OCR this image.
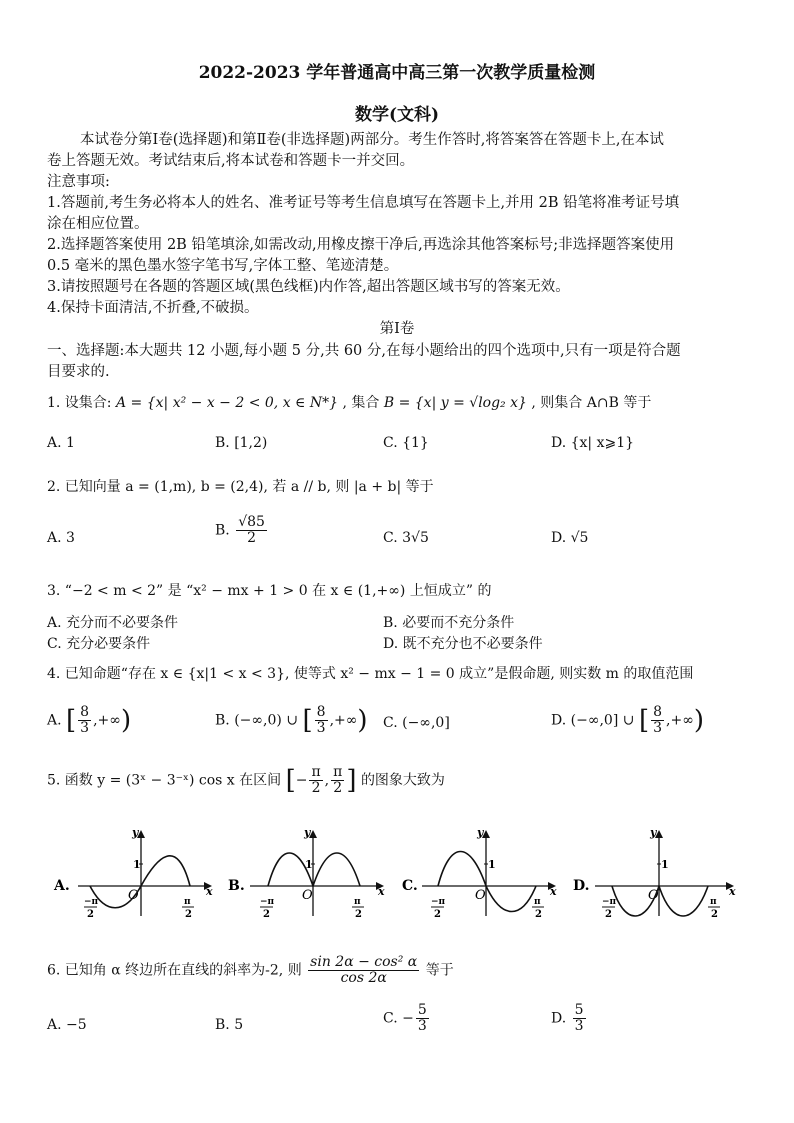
2022-2023 学年普通高中高三第一次教学质量检测
数学(文科)
本试卷分第Ⅰ卷(选择题)和第Ⅱ卷(非选择题)两部分。考生作答时,将答案答在答题卡上,在本试
卷上答题无效。考试结束后,将本试卷和答题卡一并交回。
注意事项:
1.答题前,考生务必将本人的姓名、准考证号等考生信息填写在答题卡上,并用 2B 铅笔将准考证号填
涂在相应位置。
2.选择题答案使用 2B 铅笔填涂,如需改动,用橡皮擦干净后,再选涂其他答案标号;非选择题答案使用
0.5 毫米的黑色墨水签字笔书写,字体工整、笔迹清楚。
3.请按照题号在各题的答题区域(黑色线框)内作答,超出答题区域书写的答案无效。
4.保持卡面清洁,不折叠,不破损。
第Ⅰ卷
一、选择题:本大题共 12 小题,每小题 5 分,共 60 分,在每小题给出的四个选项中,只有一项是符合题
目要求的.
1. 设集合: A = {x| x² − x − 2 < 0, x ∈ N*} , 集合 B = {x| y = √log₂ x} , 则集合 A∩B 等于
A. 1	B. [1,2)	C. {1}	D. {x| x⩾1}
2. 已知向量 a = (1,m), b = (2,4), 若 a // b, 则 |a + b| 等于
A. 3	B. $\frac{√85}{2}$	C. 3√5	D. √5
3. “−2 < m < 2” 是 “x² − mx + 1 > 0 在 x ∈ (1,+∞) 上恒成立” 的
A. 充分而不必要条件	B. 必要而不充分条件
C. 充分必要条件	D. 既不充分也不必要条件
4. 已知命题“存在 x ∈ {x|1 < x < 3}, 使等式 x² − mx − 1 = 0 成立”是假命题, 则实数 m 的取值范围
A. [ $\frac{8}{3}$ ,+∞)	B. (−∞,0) ∪ [ $\frac{8}{3}$ ,+∞) C. (−∞,0]	D. (−∞,0] ∪ [ $\frac{8}{3}$ ,+∞)
5. 函数 y = (3ˣ − 3⁻ˣ) cos x 在区间 [− $\frac{\pi}{2}$ , $\frac{\pi}{2}$ ] 的图象大致为
A.
y
x
O
1
−π
2
π
2
B.
y
x
O
1
−π
2
π
2
C.
y
x
O
1
−π
2
π
2
D.
y
x
O
1
−π
2
π
2
6. 已知角 α 终边所在直线的斜率为-2, 则 $\frac{\text{sin 2α − cos² α}}{\cos 2\alpha}$ 等于
A. −5	B. 5	C. − $\frac{5}{3}$	D. $\frac{5}{3}$
